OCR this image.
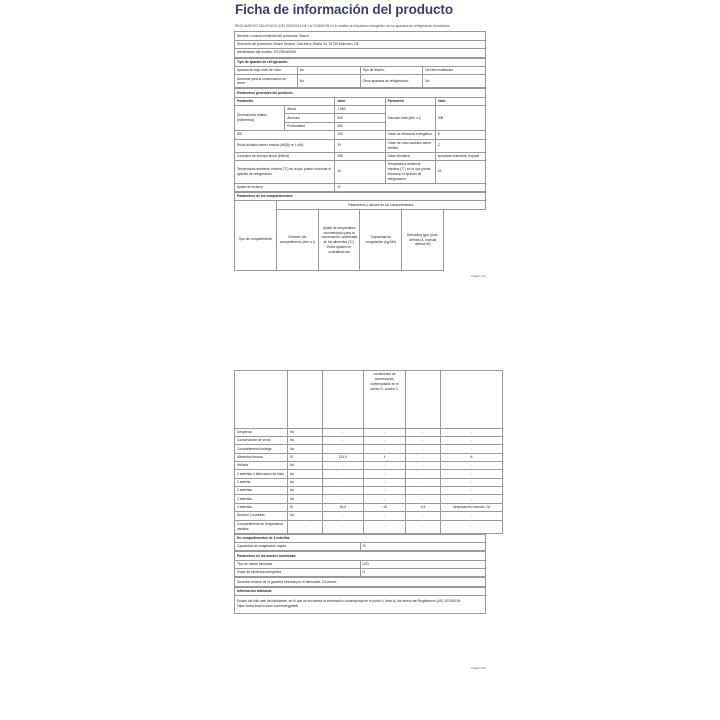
Ficha de información del producto
REGLAMENTO DELEGADO (UE) 2019/2016 DE LA COMISIÓN en lo relativo al etiquetado energético de los aparatos de refrigeración domésticos
Nombre o marca comercial del proveedor: Bosch
Dirección del proveedor: Bosch Service, Carl-Wery-Straße 34, 81739 München, DE
Identificador del modelo: KGV36VW3AS
Tipo de aparato de refrigeración:			
Aparato de bajo nivel de ruido:	No	Tipo de diseño:	De libre instalación
Armarios para la conservación de vinos:	No	Otros aparatos de refrigeración:	No
Parámetros generales del producto:				
Parámetro		Valor	Parámetro	Valor
Dimensiones totales (milímetros)	Altura	1 860	Volumen total (dm³ o l)	308
	Anchura	600		
	Profundidad	650		
IEE		100	Clase de eficiencia energética	E
Ruido acústico aéreo emitido (dB(A) re 1 pW)		39	Clase de ruido acústico aéreo emitido	C
Consumo de energía anual (kWh/a)		288	Clase climática	templada extendida, tropical
Temperatura ambiente mínima (°C) en la que puede funcionar el aparato de refrigeración		10	Temperatura ambiente máxima (°C) en la que puede funcionar el aparato de refrigeración	43
Ajuste de invierno		Sí		
Parámetros de los compartimentos:				
	Parámetros y valores de los compartimentos			
Tipo de compartimento	Volumen del compartimento (dm³ o l)	Ajuste de temperatura recomendado para la conservación optimizada de los alimentos (°C). Estos ajustes no contradirán las	Capacidad de congelación (kg/24h)	Defrosting type (auto-defrost=A, manual defrost=M)
Página 1/2
			condiciones de conservación contempladas en el anexo IV, cuadro 3.		
Despensa	No	-	-	-	-
Conservación de vinos	No	-	-	-	-
Compartimento bodega	No	-	-	-	-
Alimentos frescos	Sí	214,0	4	-	A
Helador	No	-	-	-	-
0 estrellas o fabricación de hielo	No	-	-	-	-
1 estrella	No	-	-	-	-
2 estrellas	No	-	-	-	-
3 estrellas	No	-	-	-	-
4 estrellas	Sí	94,0	-18	4,5	desescarche manual = M
Sección 2 estrellas	No	-	-	-	-
Compartimento de temperatura variable	-	-	-	-	-
En compartimentos de 4 estrellas
Capacidad de congelación rápida	Sí
Parámetros de las fuentes luminosas:	
Tipo de fuente luminosa	LED
Clase de eficiencia energética	G
Duración mínima de la garantía ofrecida por el fabricante: 24 meses
Información adicional:
Enlace del sitio web del fabricante, en el que se encuentra la información contemplada en el punto 4, letra a), del anexo del Reglamento (UE) 2019/2019: https://www.bosch-home.com/energylabel
Página 2/2
